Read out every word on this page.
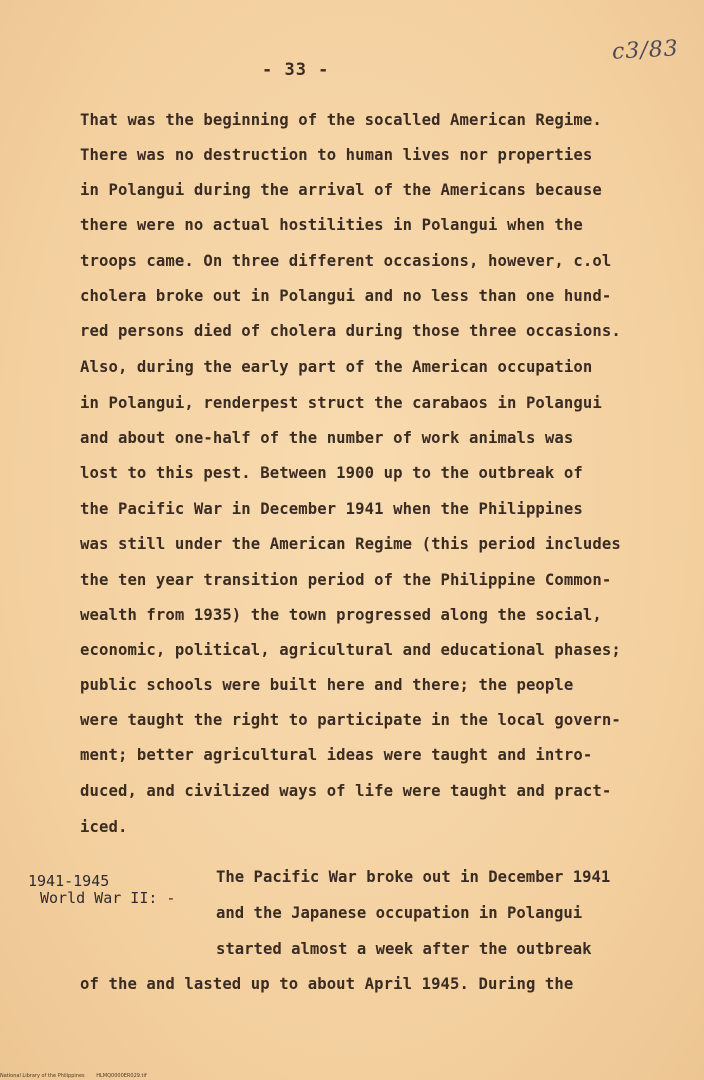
c3/83
- 33 -
That was the beginning of the socalled American Regime.
There was no destruction to human lives nor properties
in Polangui during the arrival of the Americans because
there were no actual hostilities in Polangui when the
troops came. On three different occasions, however, c.ol
cholera broke out in Polangui and no less than one hund-
red persons died of cholera during those three occasions.
Also, during the early part of the American occupation
in Polangui, renderpest struct the carabaos in Polangui
and about one-half of the number of work animals was
lost to this pest. Between 1900 up to the outbreak of
the Pacific War in December 1941 when the Philippines
was still under the American Regime (this period includes
the ten year transition period of the Philippine Common-
wealth from 1935) the town progressed along the social,
economic, political, agricultural and educational phases;
public schools were built here and there; the people
were taught the right to participate in the local govern-
ment; better agricultural ideas were taught and intro-
duced, and civilized ways of life were taught and pract-
iced.
1941-1945
World War II: -
The Pacific War broke out in December 1941
and the Japanese occupation in Polangui
started almost a week after the outbreak
of the and lasted up to about April 1945. During the
National Library of the Philippines HLMQ0000ER029.tif
